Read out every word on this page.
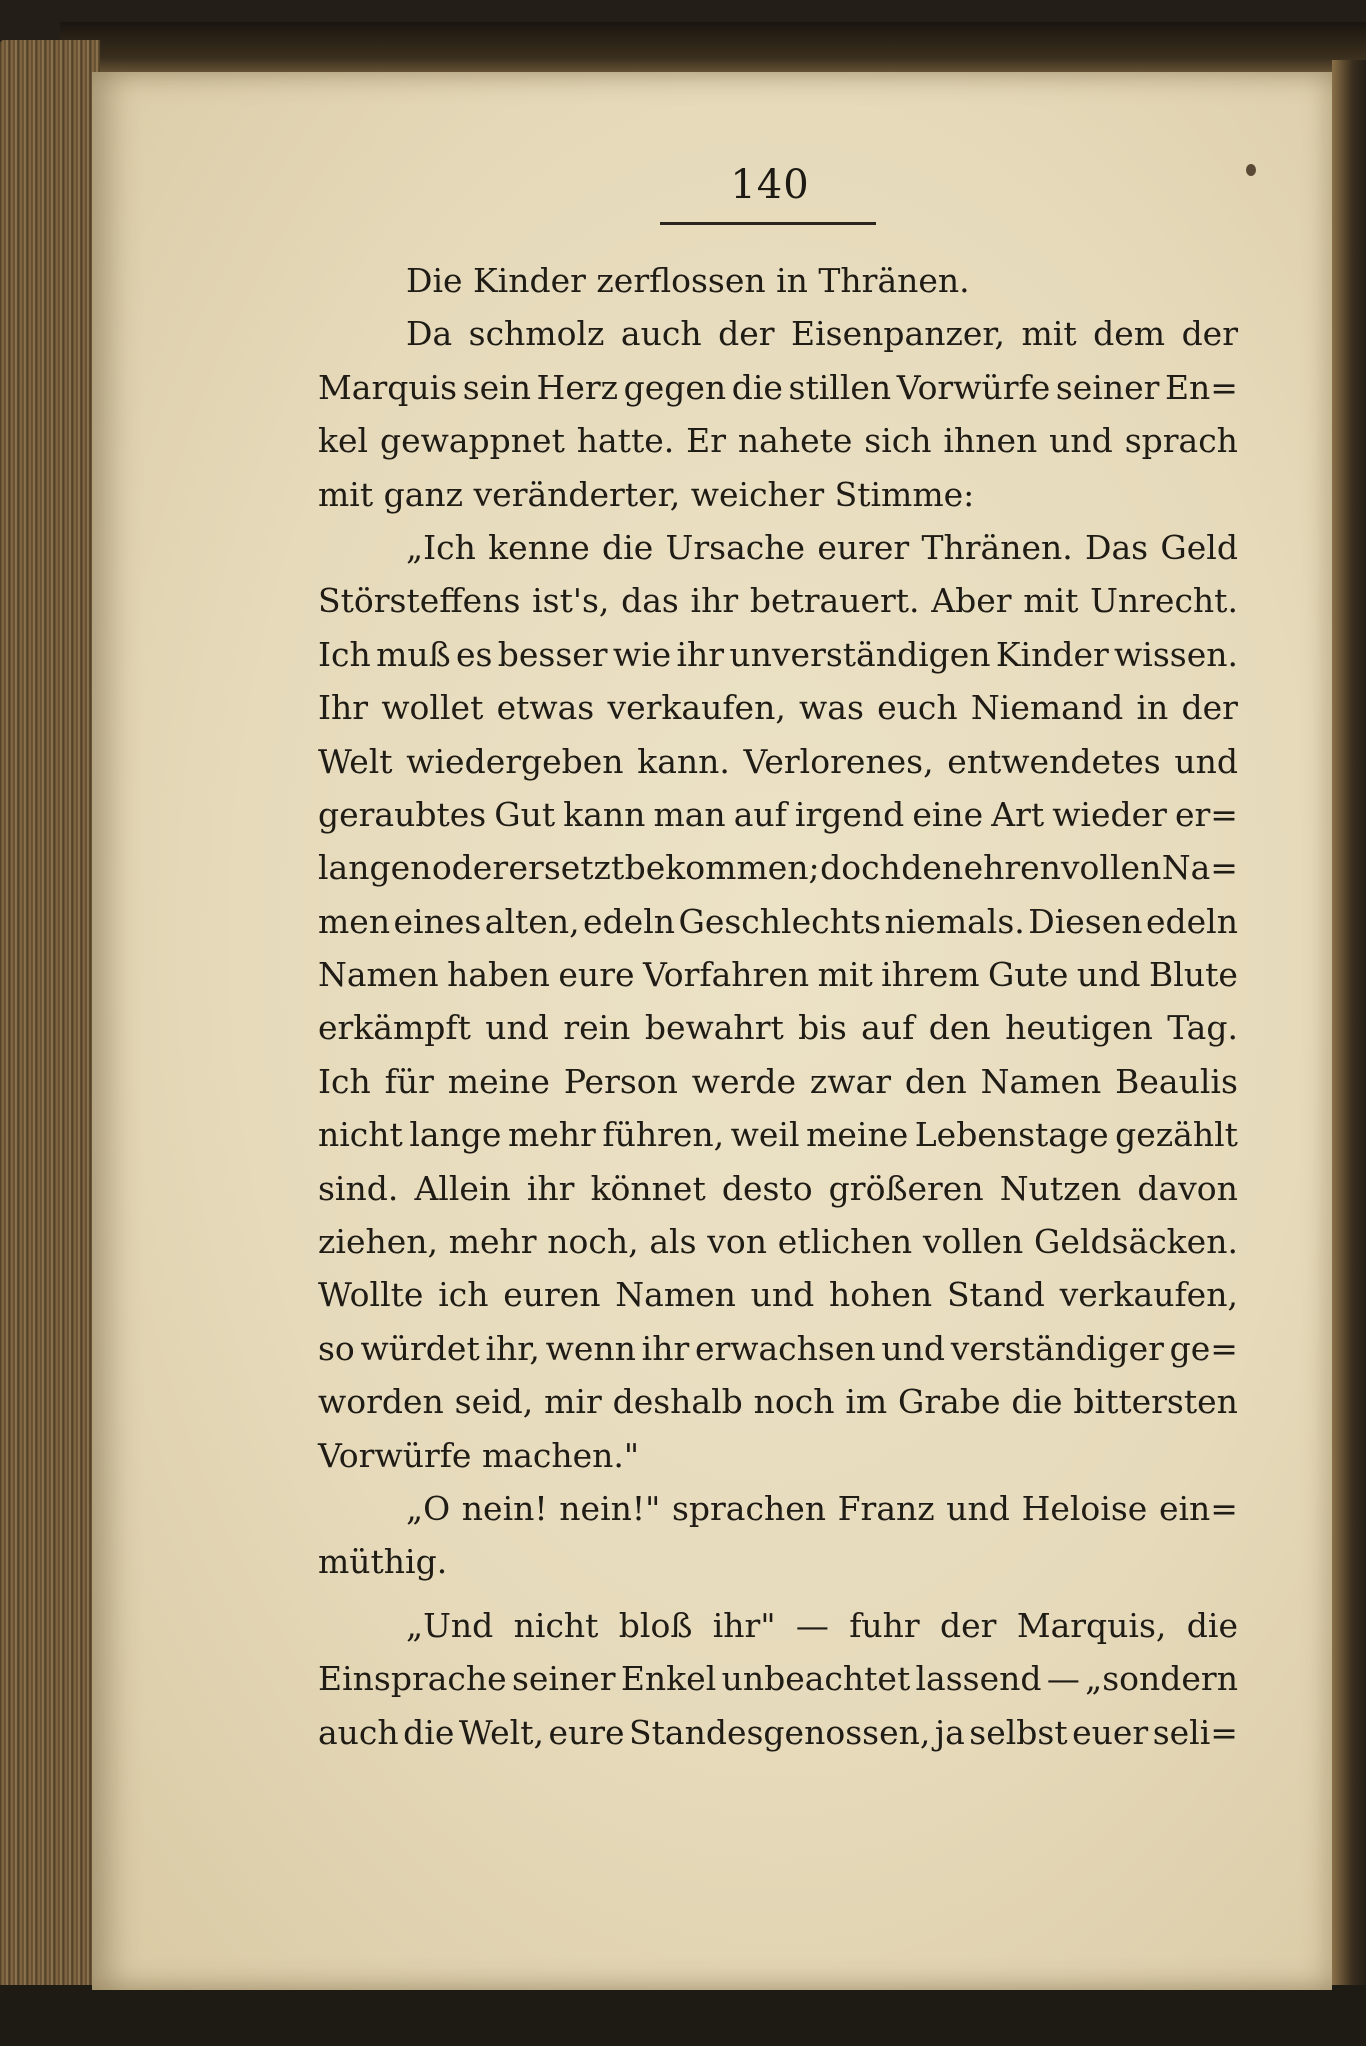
140
Die Kinder zerflossen in Thränen.
Da schmolz auch der Eisenpanzer, mit dem der
Marquis sein Herz gegen die stillen Vorwürfe seiner En=
kel gewappnet hatte. Er nahete sich ihnen und sprach
mit ganz veränderter, weicher Stimme:
„Ich kenne die Ursache eurer Thränen. Das Geld
Störsteffens ist's, das ihr betrauert. Aber mit Unrecht.
Ich muß es besser wie ihr unverständigen Kinder wissen.
Ihr wollet etwas verkaufen, was euch Niemand in der
Welt wiedergeben kann. Verlorenes, entwendetes und
geraubtes Gut kann man auf irgend eine Art wieder er=
langen oder ersetzt bekommen; doch den ehrenvollen Na=
men eines alten, edeln Geschlechts niemals. Diesen edeln
Namen haben eure Vorfahren mit ihrem Gute und Blute
erkämpft und rein bewahrt bis auf den heutigen Tag.
Ich für meine Person werde zwar den Namen Beaulis
nicht lange mehr führen, weil meine Lebenstage gezählt
sind. Allein ihr könnet desto größeren Nutzen davon
ziehen, mehr noch, als von etlichen vollen Geldsäcken.
Wollte ich euren Namen und hohen Stand verkaufen,
so würdet ihr, wenn ihr erwachsen und verständiger ge=
worden seid, mir deshalb noch im Grabe die bittersten
Vorwürfe machen."
„O nein! nein!" sprachen Franz und Heloise ein=
müthig.
„Und nicht bloß ihr" — fuhr der Marquis, die
Einsprache seiner Enkel unbeachtet lassend — „sondern
auch die Welt, eure Standesgenossen, ja selbst euer seli=
